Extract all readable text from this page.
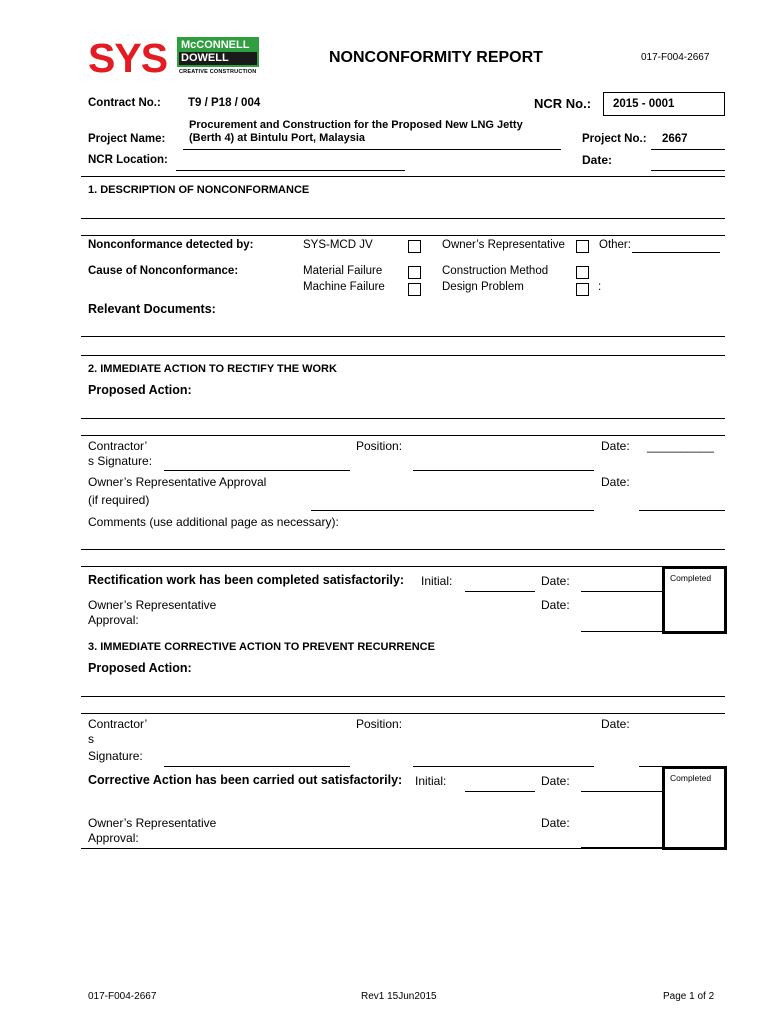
SYS McCONNELL
DOWELL
CREATIVE CONSTRUCTION
NONCONFORMITY REPORT	017-F004-2667
Contract No.: T9 / P18 / 004	NCR No.: 2015 - 0001
Project Name:
Procurement and Construction for the Proposed New LNG Jetty
(Berth 4) at Bintulu Port, Malaysia	Project No.: 2667
NCR Location:	Date:
1. DESCRIPTION OF NONCONFORMANCE
Nonconformance detected by:	SYS-MCD JV	Owner’s Representative	Other:
Cause of Nonconformance:	Material Failure	Construction Method
Machine Failure	Design Problem	:
Relevant Documents:
2. IMMEDIATE ACTION TO RECTIFY THE WORK
Proposed Action:
Contractor’
s Signature:
Position:	Date: __________
Owner’s Representative Approval
(if required)
Date:
Comments (use additional page as necessary):
Rectification work has been completed satisfactorily: Initial:	Date:
Owner’s Representative
Approval:
Date:
Completed
3. IMMEDIATE CORRECTIVE ACTION TO PREVENT RECURRENCE
Proposed Action:
Contractor’
s
Signature:
Position:	Date:
Corrective Action has been carried out satisfactorily: Initial:	Date:
Owner’s Representative
Approval:
Date:
Completed
017-F004-2667	Rev1 15Jun2015	Page 1 of 2
